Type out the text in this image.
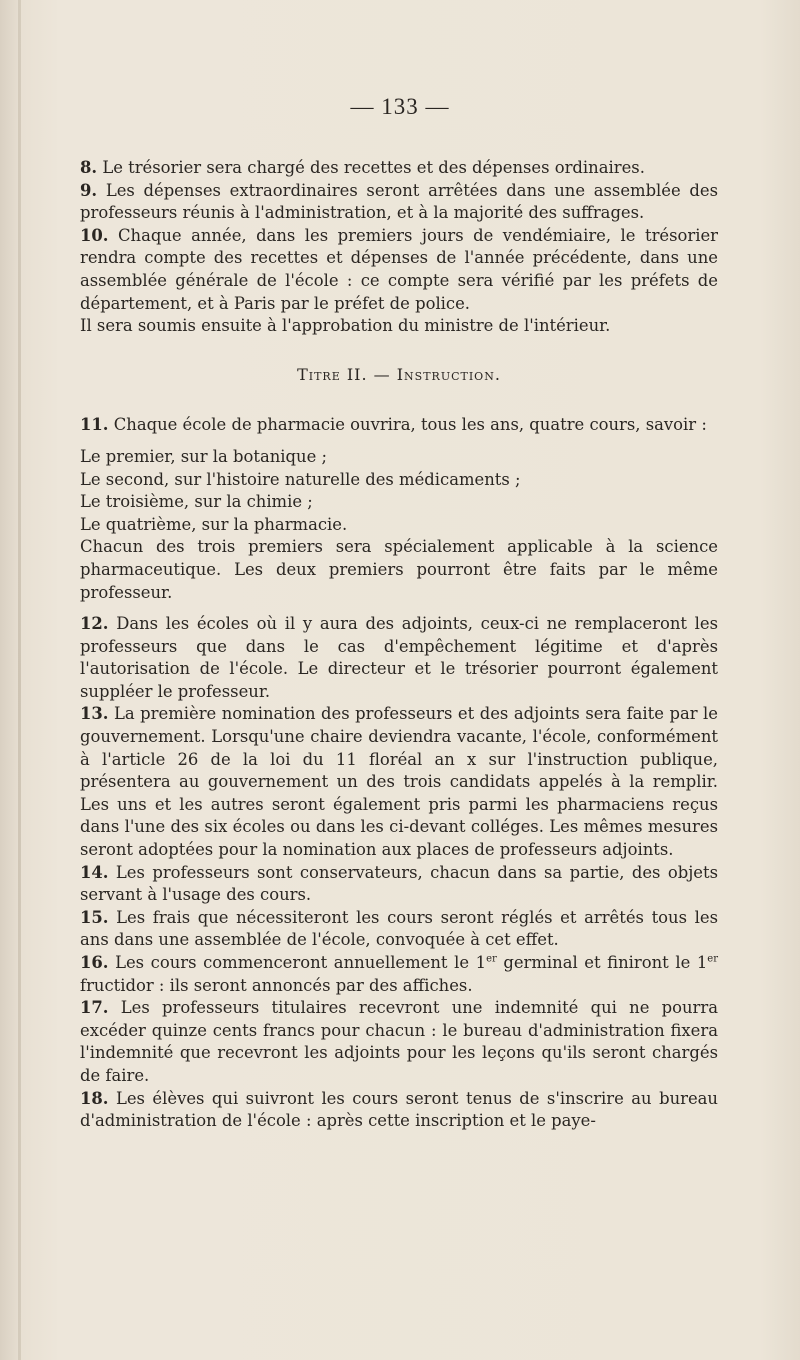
— 133 —

8. Le trésorier sera chargé des recettes et des dépenses ordinaires.

9. Les dépenses extraordinaires seront arrêtées dans une assemblée des professeurs réunis à l'administration, et à la majorité des suffrages.

10. Chaque année, dans les premiers jours de vendémiaire, le trésorier rendra compte des recettes et dépenses de l'année précédente, dans une assemblée générale de l'école : ce compte sera vérifié par les préfets de département, et à Paris par le préfet de police.

Il sera soumis ensuite à l'approbation du ministre de l'intérieur.

Titre II. — Instruction.

11. Chaque école de pharmacie ouvrira, tous les ans, quatre cours, savoir :

Le premier, sur la botanique ;

Le second, sur l'histoire naturelle des médicaments ;

Le troisième, sur la chimie ;

Le quatrième, sur la pharmacie.

Chacun des trois premiers sera spécialement applicable à la science pharmaceutique. Les deux premiers pourront être faits par le même professeur.

12. Dans les écoles où il y aura des adjoints, ceux-ci ne remplaceront les professeurs que dans le cas d'empêchement légitime et d'après l'autorisation de l'école. Le directeur et le trésorier pourront également suppléer le professeur.

13. La première nomination des professeurs et des adjoints sera faite par le gouvernement. Lorsqu'une chaire deviendra vacante, l'école, conformément à l'article 26 de la loi du 11 floréal an x sur l'instruction publique, présentera au gouvernement un des trois candidats appelés à la remplir. Les uns et les autres seront également pris parmi les pharmaciens reçus dans l'une des six écoles ou dans les ci-devant colléges. Les mêmes mesures seront adoptées pour la nomination aux places de professeurs adjoints.

14. Les professeurs sont conservateurs, chacun dans sa partie, des objets servant à l'usage des cours.

15. Les frais que nécessiteront les cours seront réglés et arrêtés tous les ans dans une assemblée de l'école, convoquée à cet effet.

16. Les cours commenceront annuellement le 1er germinal et finiront le 1er fructidor : ils seront annoncés par des affiches.

17. Les professeurs titulaires recevront une indemnité qui ne pourra excéder quinze cents francs pour chacun : le bureau d'administration fixera l'indemnité que recevront les adjoints pour les leçons qu'ils seront chargés de faire.

18. Les élèves qui suivront les cours seront tenus de s'inscrire au bureau d'administration de l'école : après cette inscription et le paye-
